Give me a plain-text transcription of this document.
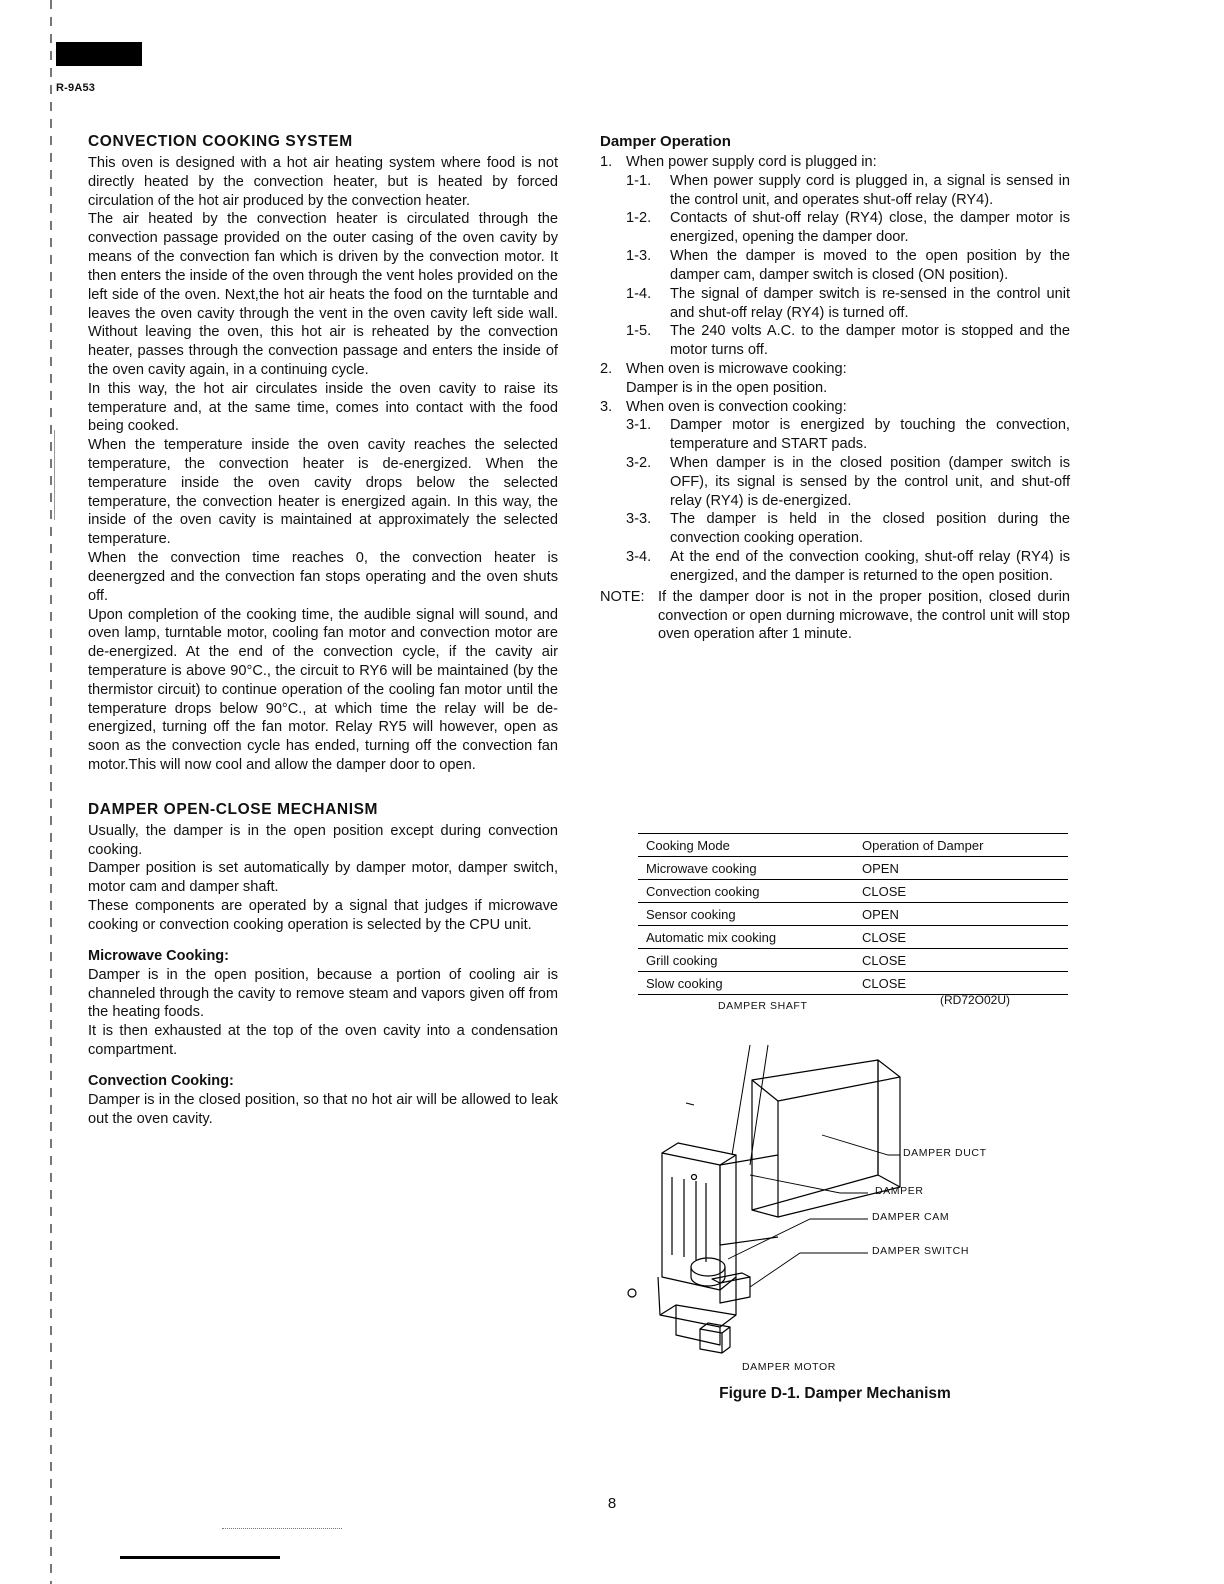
R-9A53
CONVECTION COOKING SYSTEM

This oven is designed with a hot air heating system where food is not directly heated by the convection heater, but is heated by forced circulation of the hot air produced by the convection heater.

The air heated by the convection heater is circulated through the convection passage provided on the outer casing of the oven cavity by means of the convection fan which is driven by the convection motor. It then enters the inside of the oven through the vent holes provided on the left side of the oven. Next,the hot air heats the food on the turntable and leaves the oven cavity through the vent in the oven cavity left side wall. Without leaving the oven, this hot air is reheated by the convection heater, passes through the convection passage and enters the inside of the oven cavity again, in a continuing cycle.

In this way, the hot air circulates inside the oven cavity to raise its temperature and, at the same time, comes into contact with the food being cooked.

When the temperature inside the oven cavity reaches the selected temperature, the convection heater is de-energized. When the temperature inside the oven cavity drops below the selected temperature, the convection heater is energized again. In this way, the inside of the oven cavity is maintained at approximately the selected temperature.

When the convection time reaches 0, the convection heater is deenergzed and the convection fan stops operating and the oven shuts off.

Upon completion of the cooking time, the audible signal will sound, and oven lamp, turntable motor, cooling fan motor and convection motor are de-energized. At the end of the convection cycle, if the cavity air temperature is above 90°C., the circuit to RY6 will be maintained (by the thermistor circuit) to continue operation of the cooling fan motor until the temperature drops below 90°C., at which time the relay will be de-energized, turning off the fan motor. Relay RY5 will however, open as soon as the convection cycle has ended, turning off the convection fan motor.This will now cool and allow the damper door to open.

DAMPER OPEN-CLOSE MECHANISM

Usually, the damper is in the open position except during convection cooking.

Damper position is set automatically by damper motor, damper switch, motor cam and damper shaft.

These components are operated by a signal that judges if microwave cooking or convection cooking operation is selected by the CPU unit.

Microwave Cooking:

Damper is in the open position, because a portion of cooling air is channeled through the cavity to remove steam and vapors given off from the heating foods.

It is then exhausted at the top of the oven cavity into a condensation compartment.

Convection Cooking:

Damper is in the closed position, so that no hot air will be allowed to leak out the oven cavity.

Damper Operation
1. When power supply cord is plugged in:
1-1.	When power supply cord is plugged in, a signal is sensed in the control unit, and operates shut-off relay (RY4).
1-2.	Contacts of shut-off relay (RY4) close, the damper motor is energized, opening the damper door.
1-3.	When the damper is moved to the open position by the damper cam, damper switch is closed (ON position).
1-4.	The signal of damper switch is re-sensed in the control unit and shut-off relay (RY4) is turned off.
1-5.	The 240 volts A.C. to the damper motor is stopped and the motor turns off.
2. When oven is microwave cooking:
Damper is in the open position.
3. When oven is convection cooking:
3-1.	Damper motor is energized by touching the convection, temperature and START pads.
3-2.	When damper is in the closed position (damper switch is OFF), its signal is sensed by the control unit, and shut-off relay (RY4) is de-energized.
3-3.	The damper is held in the closed position during the convection cooking operation.
3-4.	At the end of the convection cooking, shut-off relay (RY4) is energized, and the damper is returned to the open position.
NOTE: If the damper door is not in the proper position, closed durin convection or open durning microwave, the control unit will stop oven operation after 1 minute.
Cooking Mode	Operation of Damper
Microwave cooking	OPEN
Convection cooking	CLOSE
Sensor cooking	OPEN
Automatic mix cooking	CLOSE
Grill cooking	CLOSE
Slow cooking	CLOSE
(RD72O02U)
DAMPER SHAFT
DAMPER DUCT
DAMPER
DAMPER CAM
DAMPER SWITCH
DAMPER MOTOR
Figure D-1. Damper Mechanism
8
